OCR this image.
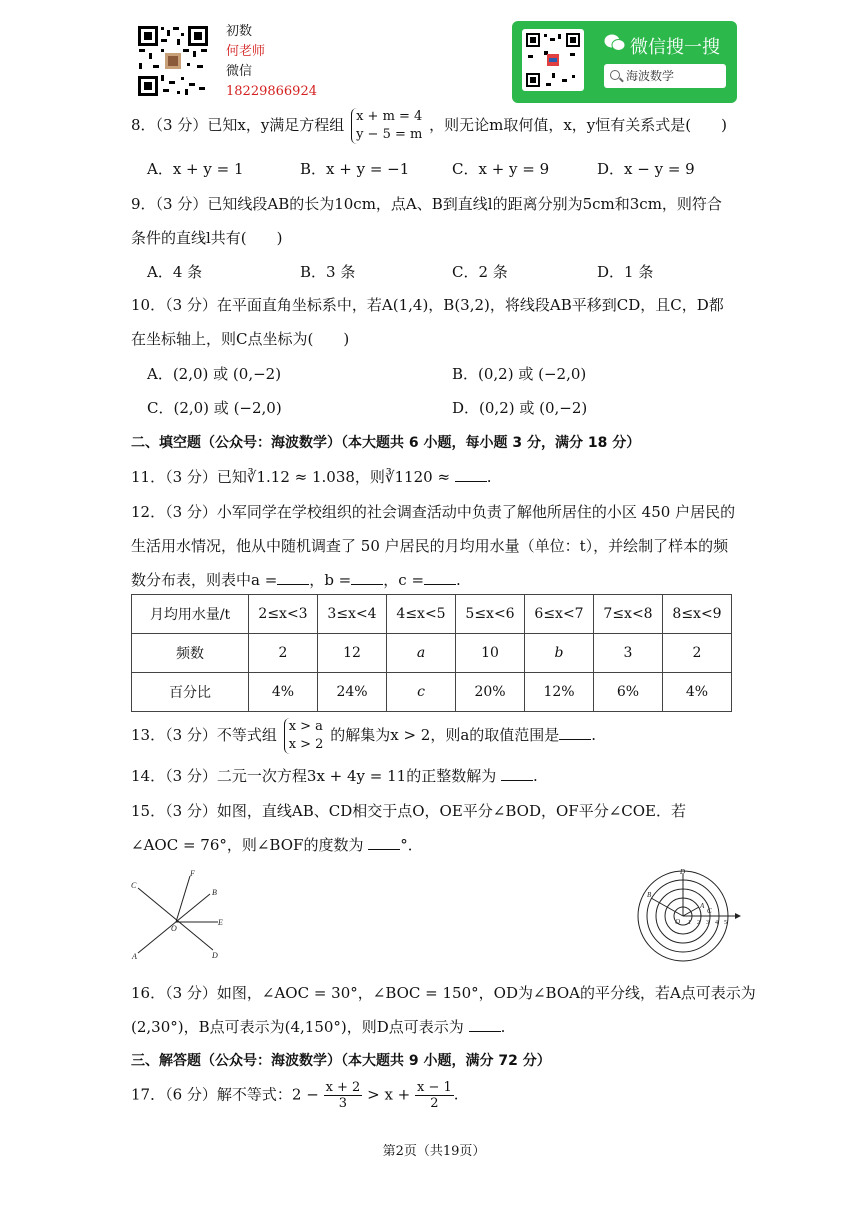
初数
何老师
微信
18229866924
微信搜一搜
海波数学
8．（3 分）已知x，y满足方程组 x + m = 4
y − 5 = m
，则无论m取何值，x，y恒有关系式是(　　)
A．x + y = 1	B．x + y = −1	C．x + y = 9	D．x − y = 9
9．（3 分）已知线段AB的长为10cm，点A、B到直线l的距离分别为5cm和3cm，则符合
条件的直线l共有(　　)
A．4 条	B．3 条	C．2 条	D．1 条
10．（3 分）在平面直角坐标系中，若A(1,4)，B(3,2)，将线段AB平移到CD，且C，D都
在坐标轴上，则C点坐标为(　　)
A．(2,0) 或 (0,−2)	B．(0,2) 或 (−2,0)
C．(2,0) 或 (−2,0)	D．(0,2) 或 (0,−2)
二、填空题（公众号：海波数学）（本大题共 6 小题，每小题 3 分，满分 18 分）
11．（3 分）已知∛1.12 ≈ 1.038，则∛1120 ≈ .
12．（3 分）小军同学在学校组织的社会调查活动中负责了解他所居住的小区 450 户居民的
生活用水情况，他从中随机调查了 50 户居民的月均用水量（单位：t），并绘制了样本的频
数分布表，则表中a = ，b = ，c = .
月均用水量/t	2≤x<3	3≤x<4	4≤x<5	5≤x<6	6≤x<7	7≤x<8	8≤x<9
频数	2	12	a	10	b	3	2
百分比	4%	24%	c	20%	12%	6%	4%
13．（3 分）不等式组 x > a
x > 2
的解集为x > 2，则a的取值范围是 .
14．（3 分）二元一次方程3x + 4y = 11的正整数解为 .
15．（3 分）如图，直线AB、CD相交于点O，OE平分∠BOD，OF平分∠COE．若
∠AOC = 76°，则∠BOF的度数为 °．
C
F
B
E
O
A	D
D
B
A
C
O 1 2 3 4 5
16．（3 分）如图，∠AOC = 30°，∠BOC = 150°，OD为∠BOA的平分线，若A点可表示为
(2,30°)，B点可表示为(4,150°)，则D点可表示为 .
三、解答题（公众号：海波数学）（本大题共 9 小题，满分 72 分）
17．（6 分）解不等式：$2 - \frac{x + 2}{3} > x + \frac{x - 1}{2}$ .
第2页（共19页）
